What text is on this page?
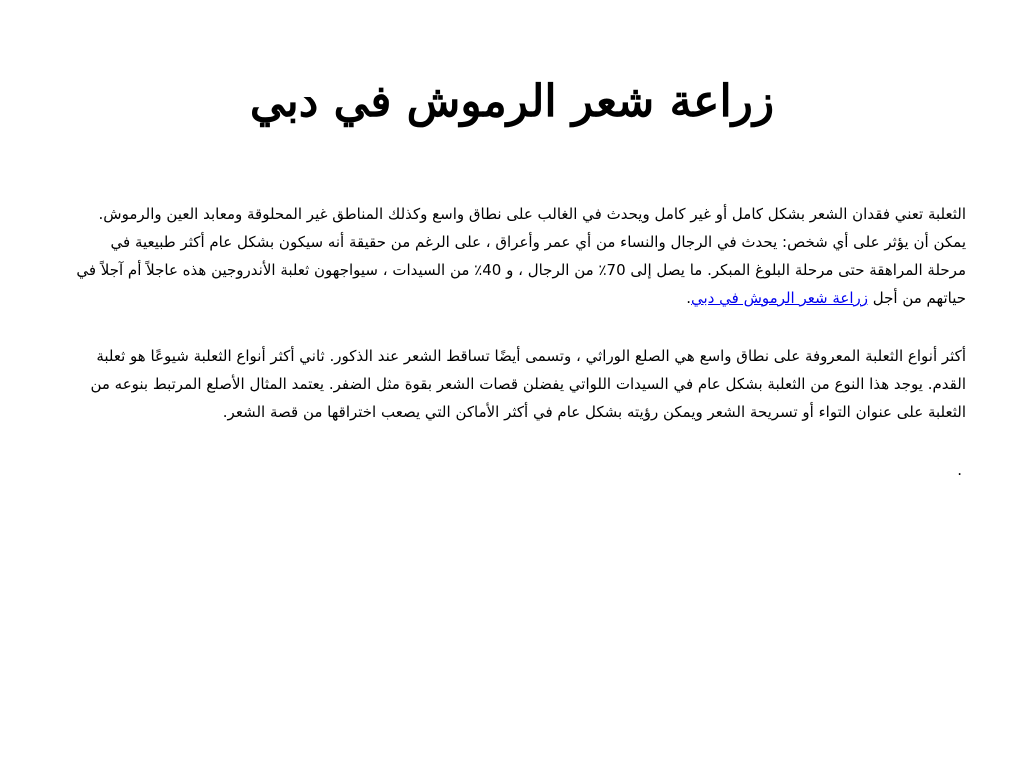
زراعة شعر الرموش في دبي

الثعلبة تعني فقدان الشعر بشكل كامل أو غير كامل ويحدث في الغالب على نطاق واسع وكذلك المناطق غير المحلوقة ومعابد العين والرموش. يمكن أن يؤثر على أي شخص: يحدث في الرجال والنساء من أي عمر وأعراق ، على الرغم من حقيقة أنه سيكون بشكل عام أكثر طبيعية في مرحلة المراهقة حتى مرحلة البلوغ المبكر. ما يصل إلى 70٪ من الرجال ، و 40٪ من السيدات ، سيواجهون ثعلبة الأندروجين هذه عاجلاً أم آجلاً في حياتهم من أجل زراعة شعر الرموش في دبي.

أكثر أنواع الثعلبة المعروفة على نطاق واسع هي الصلع الوراثي ، وتسمى أيضًا تساقط الشعر عند الذكور. ثاني أكثر أنواع الثعلبة شيوعًا هو ثعلبة القدم. يوجد هذا النوع من الثعلبة بشكل عام في السيدات اللواتي يفضلن قصات الشعر بقوة مثل الضفر. يعتمد المثال الأصلع المرتبط بنوعه من الثعلبة على عنوان التواء أو تسريحة الشعر ويمكن رؤيته بشكل عام في أكثر الأماكن التي يصعب اختراقها من قصة الشعر.

.
